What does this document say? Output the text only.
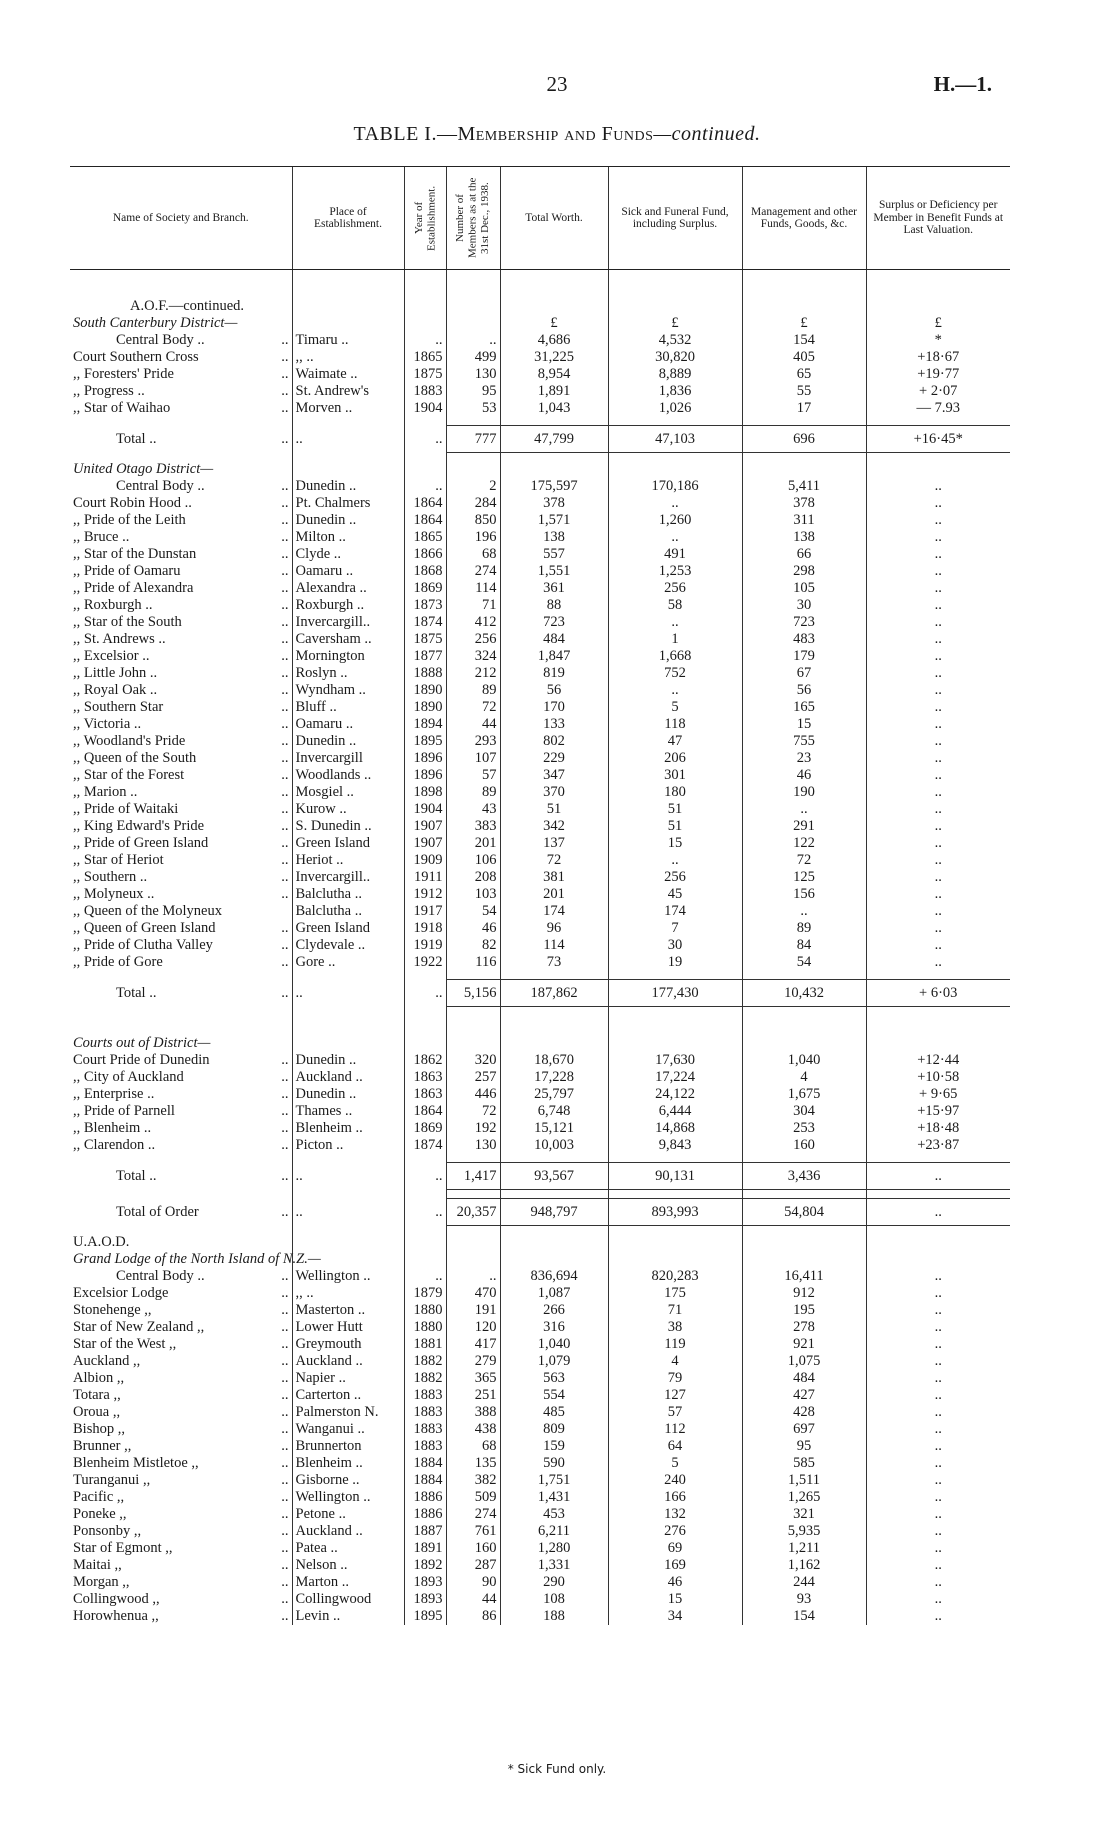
23	H.—1.
TABLE I.—Membership and Funds—continued.
Name of Society and Branch.	Place of Establishment.	Year of Establishment.	Number of Members as at the 31st Dec., 1938.	Total Worth.	Sick and Funeral Fund, including Surplus.	Management and other Funds, Goods, &c.	Surplus or Deficiency per Member in Benefit Funds at Last Valuation.

A.O.F.—continued.							
South Canterbury District—				£	£	£	£
Central Body .. ..	Timaru ..	..	..	4,686	4,532	154	*
Court Southern Cross ..	,, ..	1865	499	31,225	30,820	405	+18·67
,, Foresters' Pride ..	Waimate ..	1875	130	8,954	8,889	65	+19·77
,, Progress .. ..	St. Andrew's	1883	95	1,891	1,836	55	+ 2·07
,, Star of Waihao ..	Morven ..	1904	53	1,043	1,026	17	— 7.93

Total .. ..	..	..	777	47,799	47,103	696	+16·45*

United Otago District—							
Central Body .. ..	Dunedin ..	..	2	175,597	170,186	5,411	..
Court Robin Hood .. ..	Pt. Chalmers	1864	284	378	..	378	..
,, Pride of the Leith ..	Dunedin ..	1864	850	1,571	1,260	311	..
,, Bruce .. ..	Milton ..	1865	196	138	..	138	..
,, Star of the Dunstan ..	Clyde ..	1866	68	557	491	66	..
,, Pride of Oamaru ..	Oamaru ..	1868	274	1,551	1,253	298	..
,, Pride of Alexandra ..	Alexandra ..	1869	114	361	256	105	..
,, Roxburgh .. ..	Roxburgh ..	1873	71	88	58	30	..
,, Star of the South ..	Invercargill..	1874	412	723	..	723	..
,, St. Andrews .. ..	Caversham ..	1875	256	484	1	483	..
,, Excelsior .. ..	Mornington	1877	324	1,847	1,668	179	..
,, Little John .. ..	Roslyn ..	1888	212	819	752	67	..
,, Royal Oak .. ..	Wyndham ..	1890	89	56	..	56	..
,, Southern Star ..	Bluff ..	1890	72	170	5	165	..
,, Victoria .. ..	Oamaru ..	1894	44	133	118	15	..
,, Woodland's Pride ..	Dunedin ..	1895	293	802	47	755	..
,, Queen of the South ..	Invercargill	1896	107	229	206	23	..
,, Star of the Forest ..	Woodlands ..	1896	57	347	301	46	..
,, Marion .. ..	Mosgiel ..	1898	89	370	180	190	..
,, Pride of Waitaki ..	Kurow ..	1904	43	51	51	..	..
,, King Edward's Pride ..	S. Dunedin ..	1907	383	342	51	291	..
,, Pride of Green Island ..	Green Island	1907	201	137	15	122	..
,, Star of Heriot ..	Heriot ..	1909	106	72	..	72	..
,, Southern .. ..	Invercargill..	1911	208	381	256	125	..
,, Molyneux .. ..	Balclutha ..	1912	103	201	45	156	..
,, Queen of the Molyneux	Balclutha ..	1917	54	174	174	..	..
,, Queen of Green Island ..	Green Island	1918	46	96	7	89	..
,, Pride of Clutha Valley ..	Clydevale ..	1919	82	114	30	84	..
,, Pride of Gore ..	Gore ..	1922	116	73	19	54	..

Total .. ..	..	..	5,156	187,862	177,430	10,432	+ 6·03

Courts out of District—							
Court Pride of Dunedin ..	Dunedin ..	1862	320	18,670	17,630	1,040	+12·44
,, City of Auckland ..	Auckland ..	1863	257	17,228	17,224	4	+10·58
,, Enterprise .. ..	Dunedin ..	1863	446	25,797	24,122	1,675	+ 9·65
,, Pride of Parnell ..	Thames ..	1864	72	6,748	6,444	304	+15·97
,, Blenheim .. ..	Blenheim ..	1869	192	15,121	14,868	253	+18·48
,, Clarendon .. ..	Picton ..	1874	130	10,003	9,843	160	+23·87

Total .. ..	..	..	1,417	93,567	90,131	3,436	..

Total of Order ..	..	..	20,357	948,797	893,993	54,804	..

U.A.O.D.							
Grand Lodge of the North Island of N.Z.—							
Central Body .. ..	Wellington ..	..	..	836,694	820,283	16,411	..
Excelsior Lodge ..	,, ..	1879	470	1,087	175	912	..
Stonehenge ,, ..	Masterton ..	1880	191	266	71	195	..
Star of New Zealand ,, ..	Lower Hutt	1880	120	316	38	278	..
Star of the West ,, ..	Greymouth	1881	417	1,040	119	921	..
Auckland ,, ..	Auckland ..	1882	279	1,079	4	1,075	..
Albion ,, ..	Napier ..	1882	365	563	79	484	..
Totara ,, ..	Carterton ..	1883	251	554	127	427	..
Oroua ,, ..	Palmerston N.	1883	388	485	57	428	..
Bishop ,, ..	Wanganui ..	1883	438	809	112	697	..
Brunner ,, ..	Brunnerton	1883	68	159	64	95	..
Blenheim Mistletoe ,, ..	Blenheim ..	1884	135	590	5	585	..
Turanganui ,, ..	Gisborne ..	1884	382	1,751	240	1,511	..
Pacific ,, ..	Wellington ..	1886	509	1,431	166	1,265	..
Poneke ,, ..	Petone ..	1886	274	453	132	321	..
Ponsonby ,, ..	Auckland ..	1887	761	6,211	276	5,935	..
Star of Egmont ,, ..	Patea ..	1891	160	1,280	69	1,211	..
Maitai ,, ..	Nelson ..	1892	287	1,331	169	1,162	..
Morgan ,, ..	Marton ..	1893	90	290	46	244	..
Collingwood ,, ..	Collingwood	1893	44	108	15	93	..
Horowhenua ,, ..	Levin ..	1895	86	188	34	154	..
* Sick Fund only.
